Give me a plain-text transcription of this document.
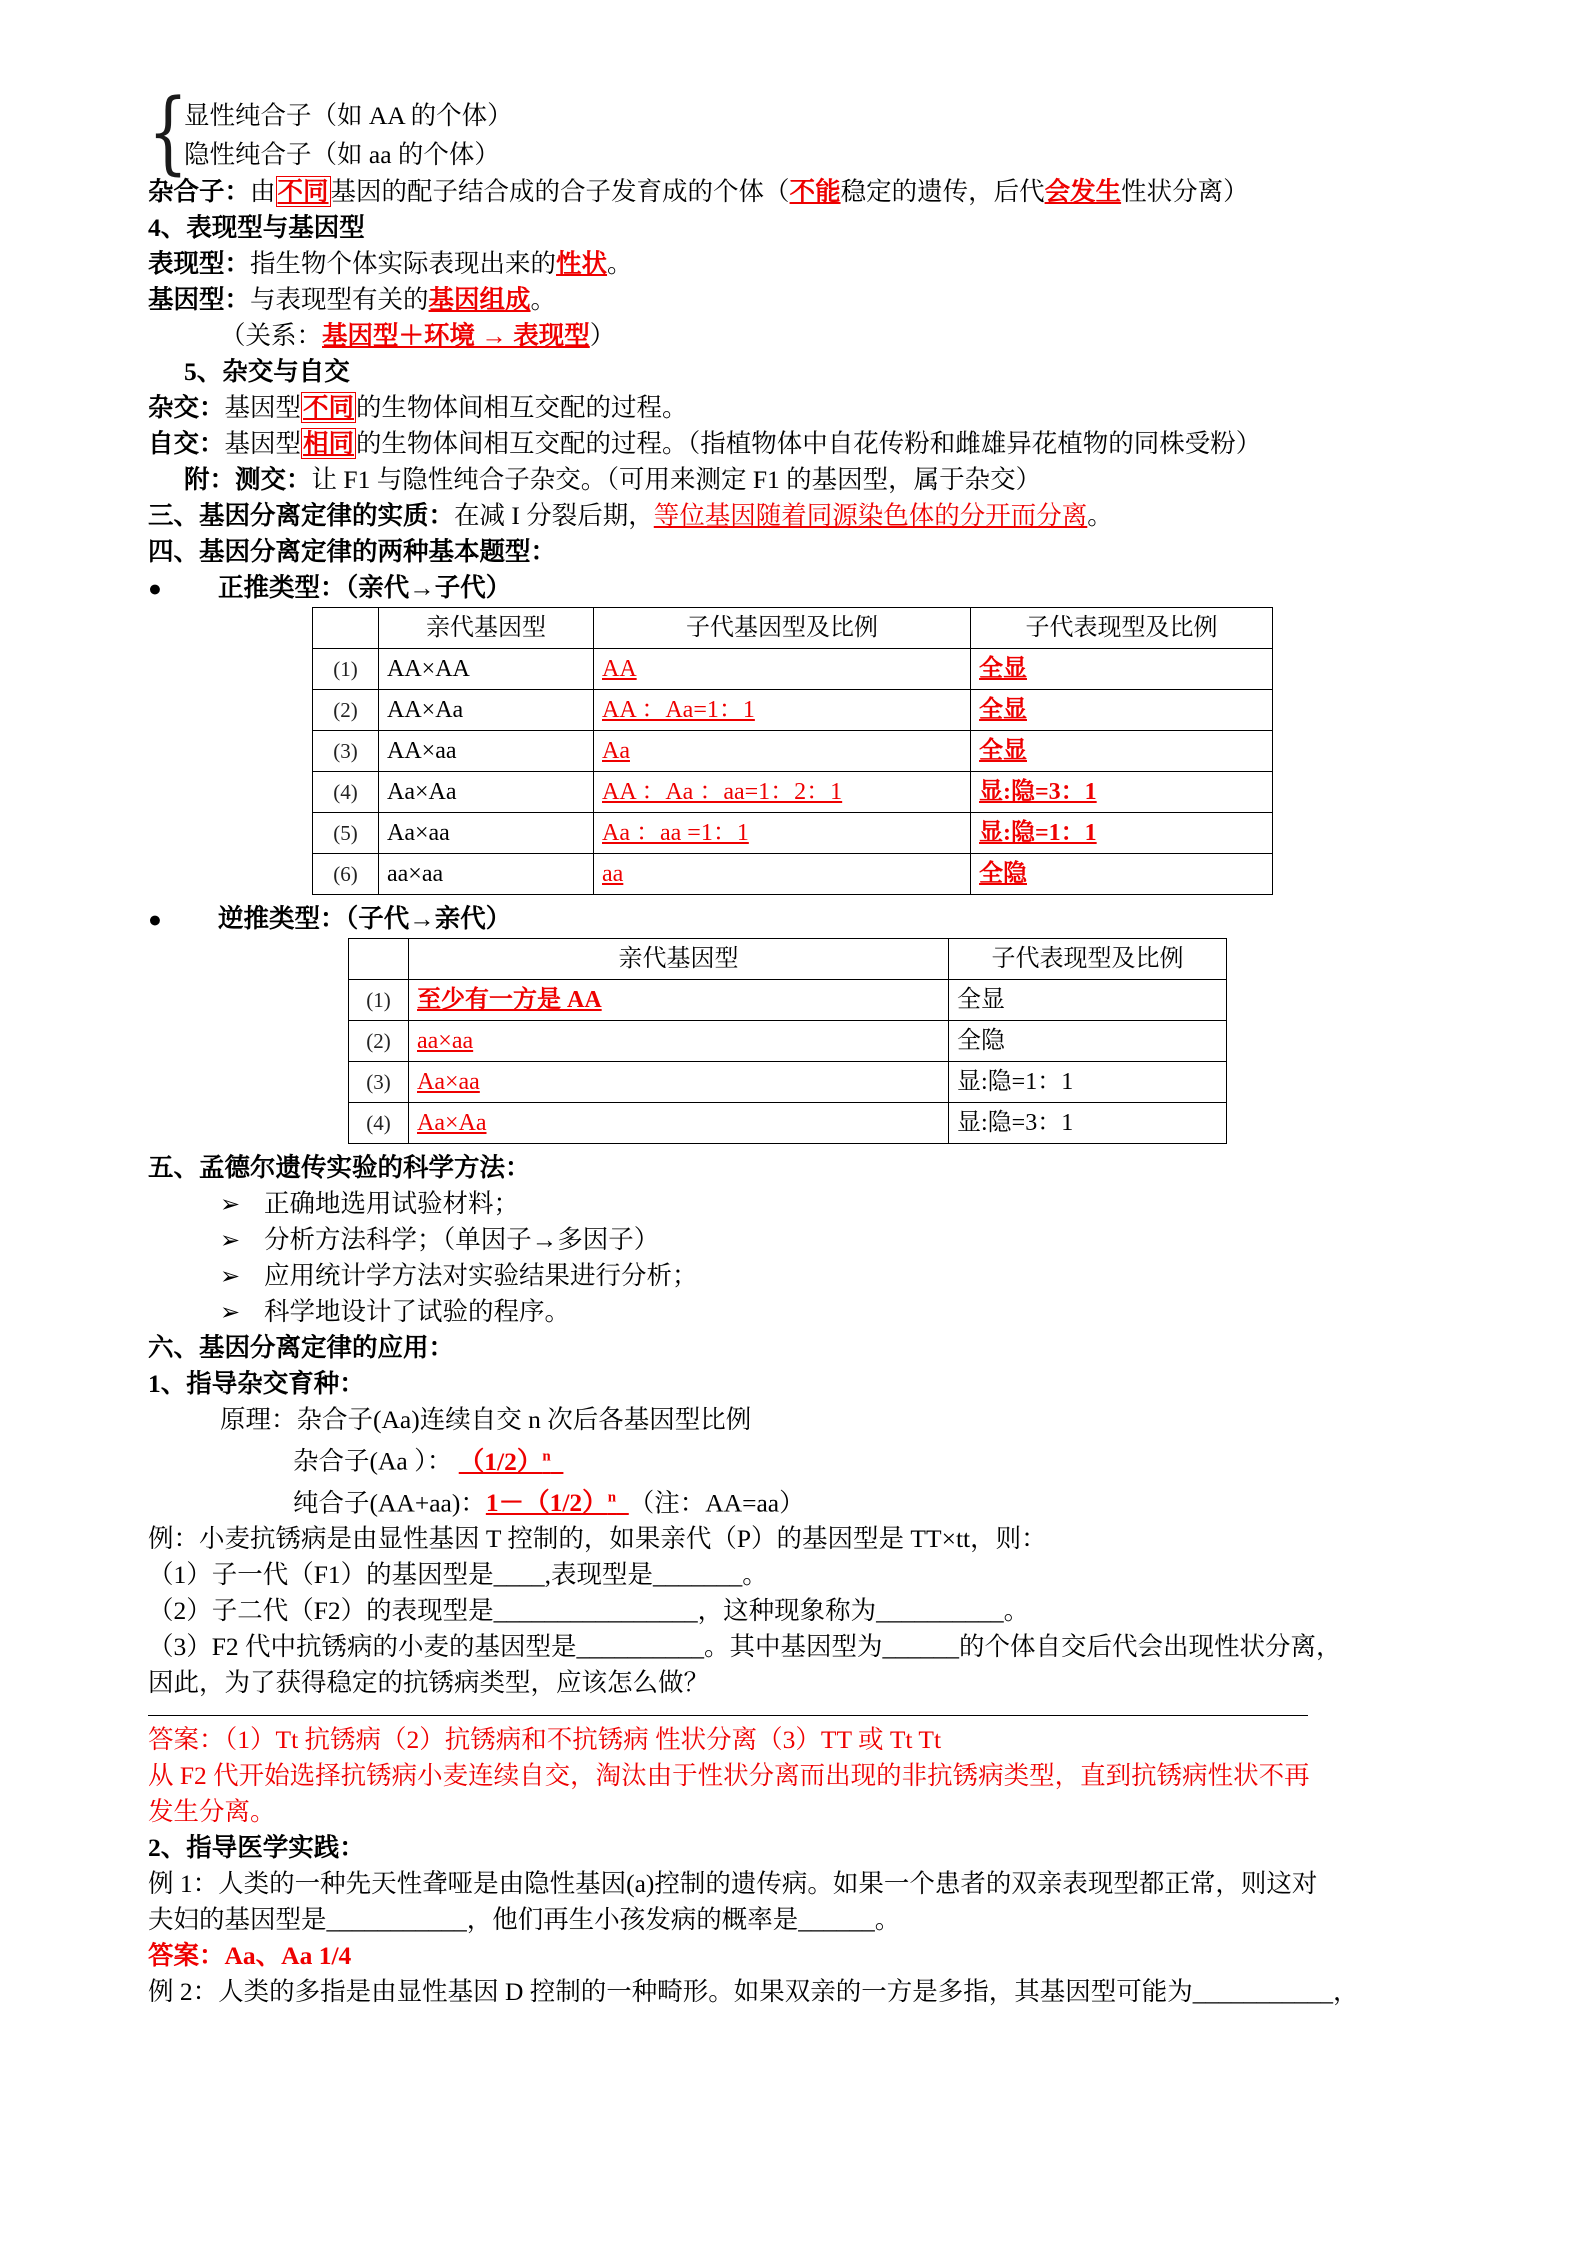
{
显性纯合子（如 AA 的个体）
隐性纯合子（如 aa 的个体）
杂合子：由不同基因的配子结合成的合子发育成的个体（不能稳定的遗传，后代会发生性状分离）
4、表现型与基因型
表现型：指生物个体实际表现出来的性状。
基因型：与表现型有关的基因组成。
（关系：基因型＋环境 → 表现型）
5、杂交与自交
杂交：基因型不同的生物体间相互交配的过程。
自交：基因型相同的生物体间相互交配的过程。（指植物体中自花传粉和雌雄异花植物的同株受粉）
附：测交：让 F1 与隐性纯合子杂交。（可用来测定 F1 的基因型，属于杂交）
三、基因分离定律的实质：在减 I 分裂后期，等位基因随着同源染色体的分开而分离。
四、基因分离定律的两种基本题型：
●	正推类型：（亲代→子代）
	亲代基因型	子代基因型及比例	子代表现型及比例
(1)	AA×AA	AA	全显
(2)	AA×Aa	AA ：Aa=1：1	全显
(3)	AA×aa	Aa	全显
(4)	Aa×Aa	AA ：Aa ：aa=1：2：1	显:隐=3：1
(5)	Aa×aa	Aa ：aa =1：1	显:隐=1：1
(6)	aa×aa	aa	全隐
●	逆推类型：（子代→亲代）
	亲代基因型	子代表现型及比例
(1)	至少有一方是 AA	全显
(2)	aa×aa	全隐
(3)	Aa×aa	显:隐=1：1
(4)	Aa×Aa	显:隐=3：1
五、孟德尔遗传实验的科学方法：
➢ 正确地选用试验材料；
➢ 分析方法科学；（单因子→多因子）
➢ 应用统计学方法对实验结果进行分析；
➢ 科学地设计了试验的程序。
六、基因分离定律的应用：
1、指导杂交育种：
原理：杂合子(Aa)连续自交 n 次后各基因型比例
杂合子(Aa ）： $(1/2)^n$
纯合子(AA+aa)：$1-(1/2)^n$ （注：AA=aa）
例：小麦抗锈病是由显性基因 T 控制的，如果亲代（P）的基因型是 TT×tt，则：
（1）子一代（F1）的基因型是____,表现型是_______。
（2）子二代（F2）的表现型是________________，这种现象称为__________。
（3）F2 代中抗锈病的小麦的基因型是__________。其中基因型为______的个体自交后代会出现性状分离，
因此，为了获得稳定的抗锈病类型，应该怎么做？
答案：（1）Tt 抗锈病（2）抗锈病和不抗锈病 性状分离（3）TT 或 Tt Tt
从 F2 代开始选择抗锈病小麦连续自交，淘汰由于性状分离而出现的非抗锈病类型，直到抗锈病性状不再
发生分离。
2、指导医学实践：
例 1：人类的一种先天性聋哑是由隐性基因(a)控制的遗传病。如果一个患者的双亲表现型都正常，则这对
夫妇的基因型是___________，他们再生小孩发病的概率是______。
答案：Aa、Aa 1/4
例 2：人类的多指是由显性基因 D 控制的一种畸形。如果双亲的一方是多指，其基因型可能为___________，
